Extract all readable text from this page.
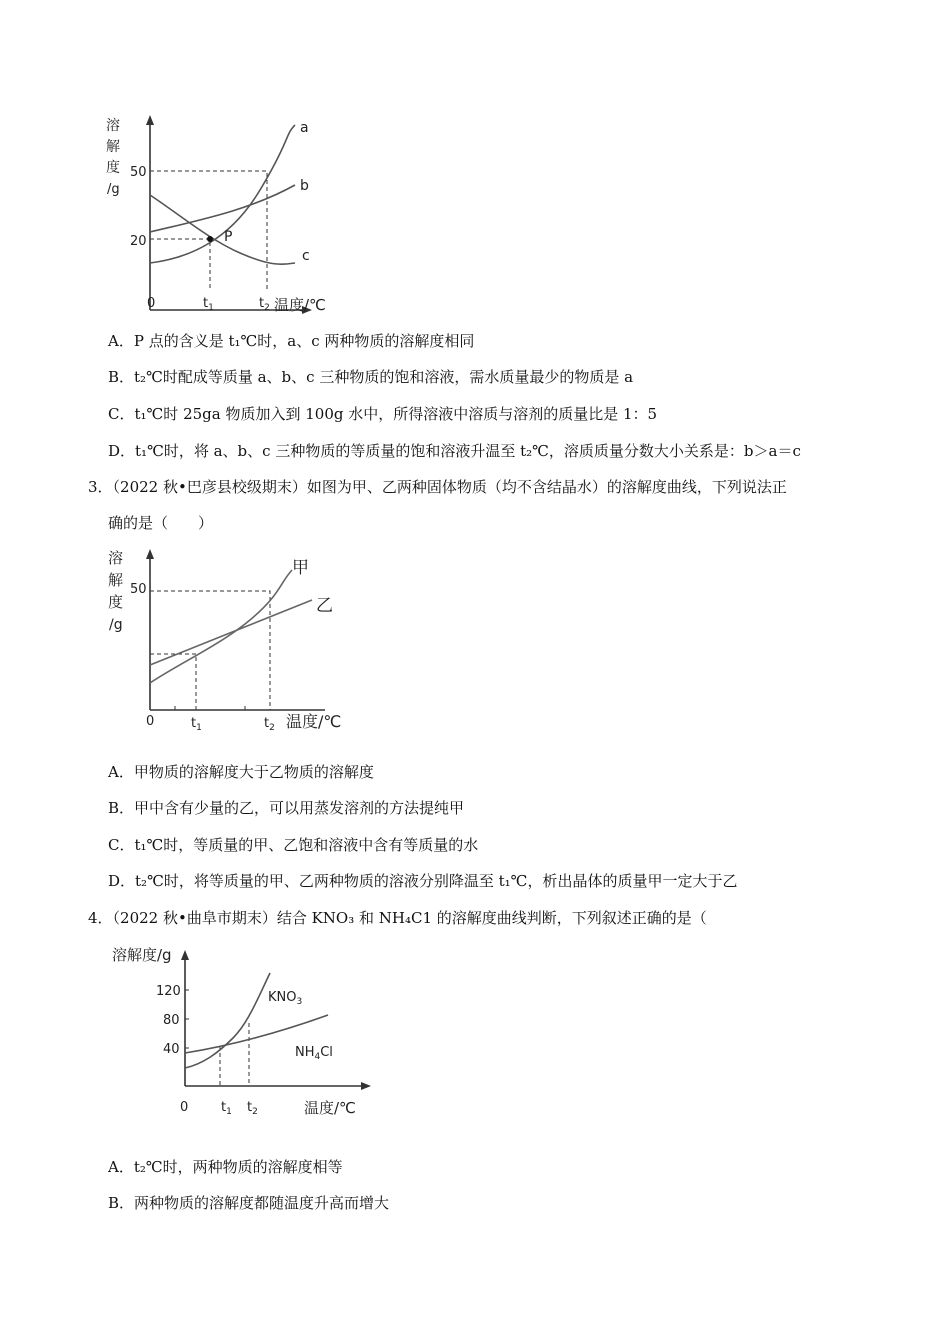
溶
解
度
/g
0
50
20
$t_1$	$t_2$ 温度/℃
P
a
b
c
A．P 点的含义是 t₁℃时，a、c 两种物质的溶解度相同
B．t₂℃时配成等质量 a、b、c 三种物质的饱和溶液，需水质量最少的物质是 a
C．t₁℃时 25ga 物质加入到 100g 水中，所得溶液中溶质与溶剂的质量比是 1：5
D．t₁℃时，将 a、b、c 三种物质的等质量的饱和溶液升温至 t₂℃，溶质质量分数大小关系是：b＞a＝c
3．（2022 秋•巴彦县校级期末）如图为甲、乙两种固体物质（均不含结晶水）的溶解度曲线，下列说法正
确的是（　　）
溶
解
度
/g
0
50
$t_1$	$t_2$ 温度/℃
甲
乙
A．甲物质的溶解度大于乙物质的溶解度
B．甲中含有少量的乙，可以用蒸发溶剂的方法提纯甲
C．t₁℃时，等质量的甲、乙饱和溶液中含有等质量的水
D．t₂℃时，将等质量的甲、乙两种物质的溶液分别降温至 t₁℃，析出晶体的质量甲一定大于乙
4．（2022 秋•曲阜市期末）结合 KNO₃ 和 NH₄C1 的溶解度曲线判断，下列叙述正确的是（
溶解度/g
120
80
40
0	$t_1$ $t_2$	温度/℃
$KNO_3$
$NH_4Cl$
A．t₂℃时，两种物质的溶解度相等
B．两种物质的溶解度都随温度升高而增大
